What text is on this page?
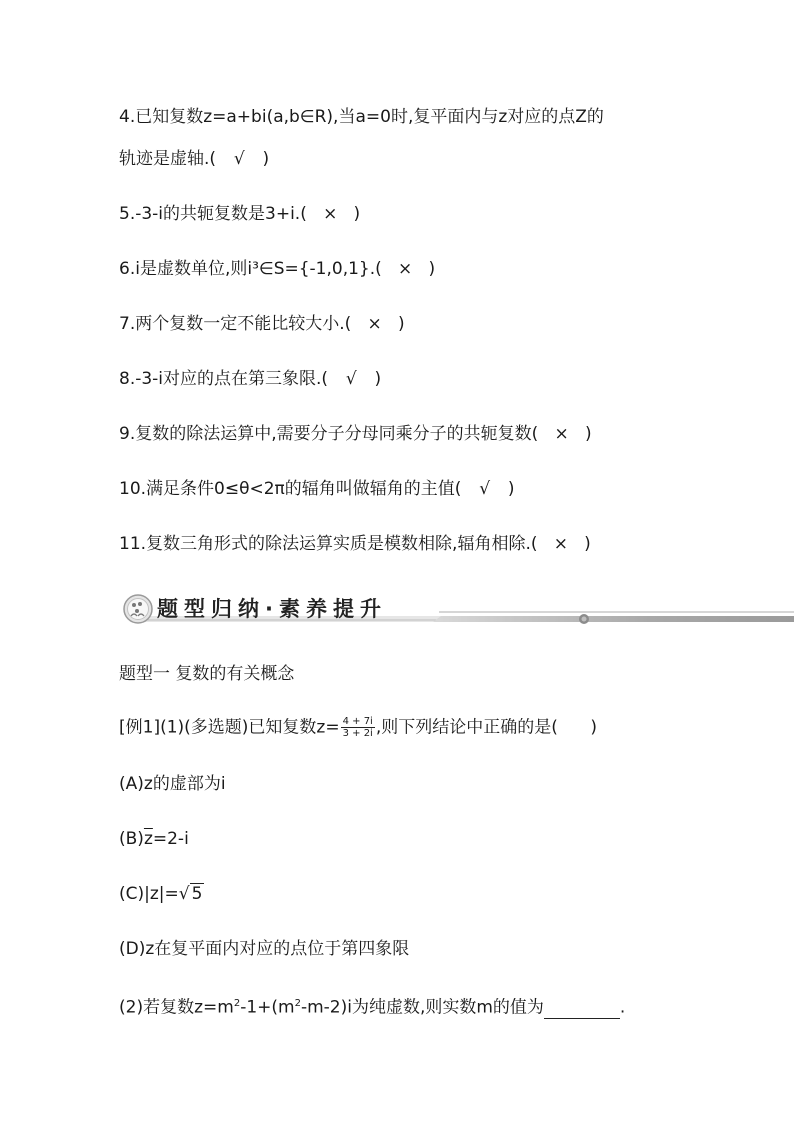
4.已知复数z=a+bi(a,b∈R),当a=0时,复平面内与z对应的点Z的
轨迹是虚轴.( √ )
5.-3-i的共轭复数是3+i.( × )
6.i是虚数单位,则i³∈S={-1,0,1}.( × )
7.两个复数一定不能比较大小.( × )
8.-3-i对应的点在第三象限.( √ )
9.复数的除法运算中,需要分子分母同乘分子的共轭复数( × )
10.满足条件0≤θ<2π的辐角叫做辐角的主值( √ )
11.复数三角形式的除法运算实质是模数相除,辐角相除.( × )
题型归纳·素养提升
题型一 复数的有关概念
[例1](1)(多选题)已知复数$z= \frac{4 + 7i}{3 + 2i}$ ,则下列结论中正确的是( )
(A)z的虚部为i
$(B)\overline{z}=2-i$
(C)|z|=√ 5
(D)z在复平面内对应的点位于第四象限
(2)若复数$z=m^2-1+(m^2-m-2)i$为纯虚数,则实数m的值为	.
